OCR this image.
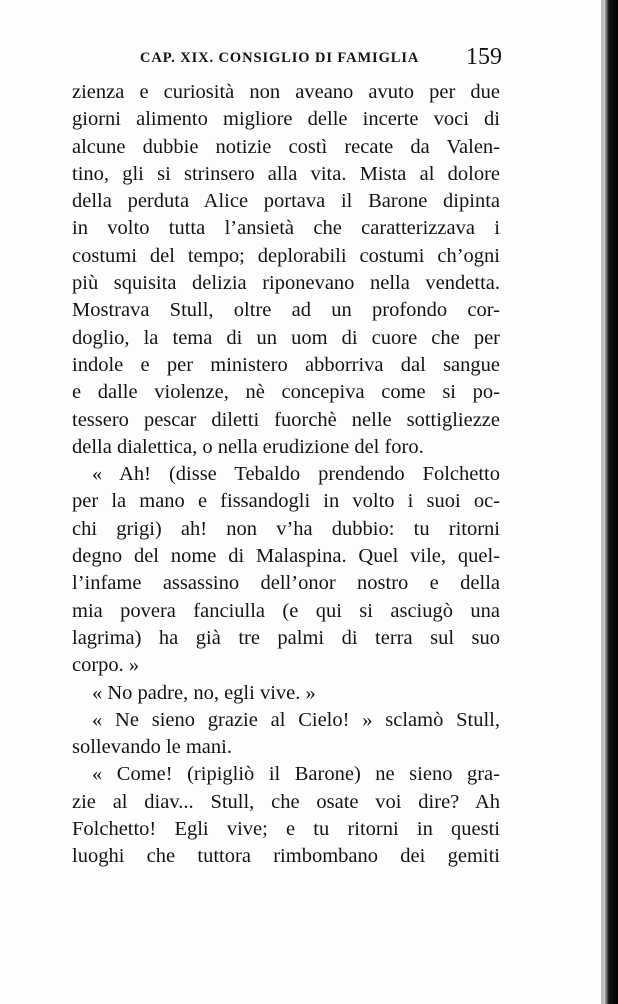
CAP. XIX. CONSIGLIO DI FAMIGLIA 159
zienza e curiosità non aveano avuto per due
giorni alimento migliore delle incerte voci di
alcune dubbie notizie costì recate da Valen-
tino, gli si strinsero alla vita. Mista al dolore
della perduta Alice portava il Barone dipinta
in volto tutta l’ansietà che caratterizzava i
costumi del tempo; deplorabili costumi ch’ogni
più squisita delizia riponevano nella vendetta.
Mostrava Stull, oltre ad un profondo cor-
doglio, la tema di un uom di cuore che per
indole e per ministero abborriva dal sangue
e dalle violenze, nè concepiva come si po-
tessero pescar diletti fuorchè nelle sottigliezze
della dialettica, o nella erudizione del foro.
« Ah! (disse Tebaldo prendendo Folchetto
per la mano e fissandogli in volto i suoi oc-
chi grigi) ah! non v’ha dubbio: tu ritorni
degno del nome di Malaspina. Quel vile, quel-
l’infame assassino dell’onor nostro e della
mia povera fanciulla (e qui si asciugò una
lagrima) ha già tre palmi di terra sul suo
corpo. »
« No padre, no, egli vive. »
« Ne sieno grazie al Cielo! » sclamò Stull,
sollevando le mani.
« Come! (ripigliò il Barone) ne sieno gra-
zie al diav... Stull, che osate voi dire? Ah
Folchetto! Egli vive; e tu ritorni in questi
luoghi che tuttora rimbombano dei gemiti
